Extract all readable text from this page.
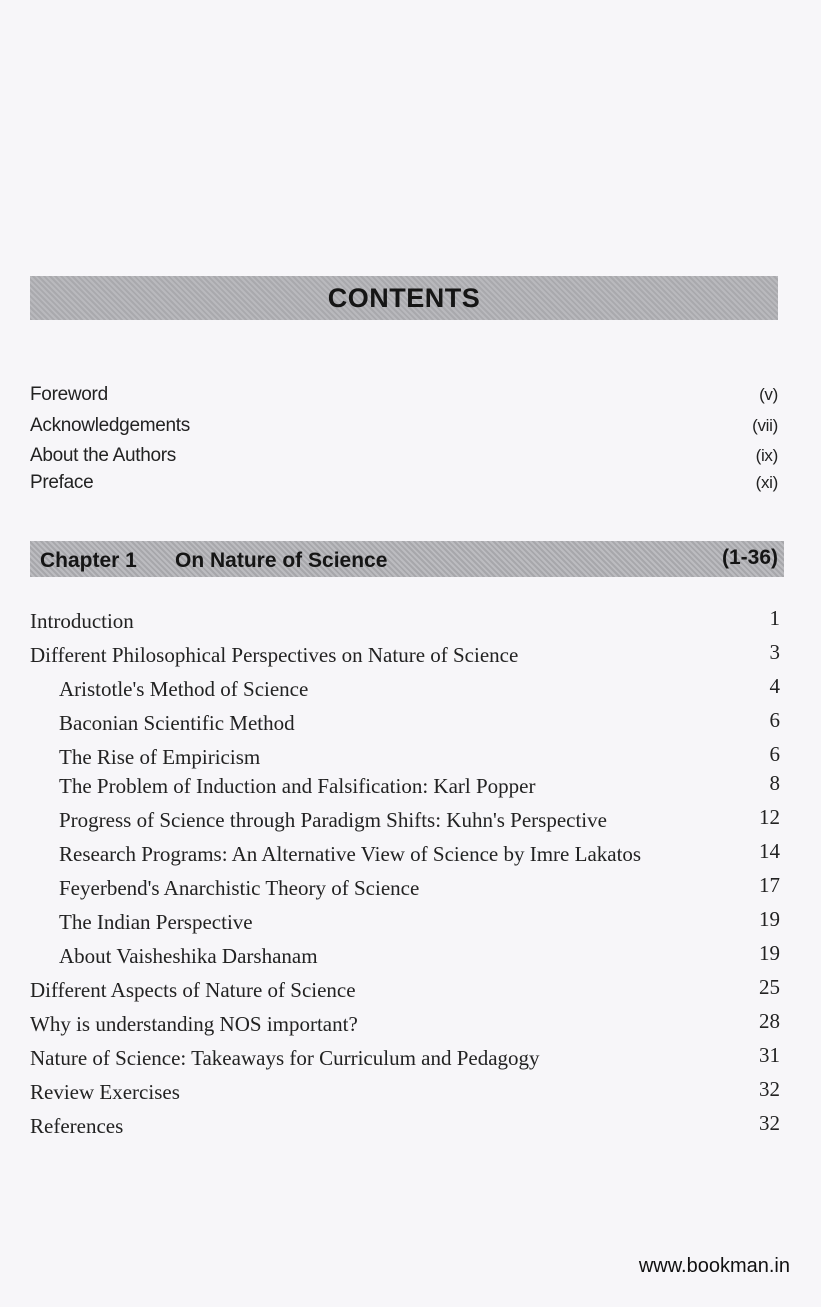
CONTENTS
Foreword	(v)
Acknowledgements	(vii)
About the Authors	(ix)
Preface	(xi)
Chapter 1 On Nature of Science	(1-36)
Introduction	1
Different Philosophical Perspectives on Nature of Science	3
Aristotle's Method of Science	4
Baconian Scientific Method	6
The Rise of Empiricism	6
The Problem of Induction and Falsification: Karl Popper	8
Progress of Science through Paradigm Shifts: Kuhn's Perspective	12
Research Programs: An Alternative View of Science by Imre Lakatos	14
Feyerbend's Anarchistic Theory of Science	17
The Indian Perspective	19
About Vaisheshika Darshanam	19
Different Aspects of Nature of Science	25
Why is understanding NOS important?	28
Nature of Science: Takeaways for Curriculum and Pedagogy	31
Review Exercises	32
References	32
www.bookman.in
